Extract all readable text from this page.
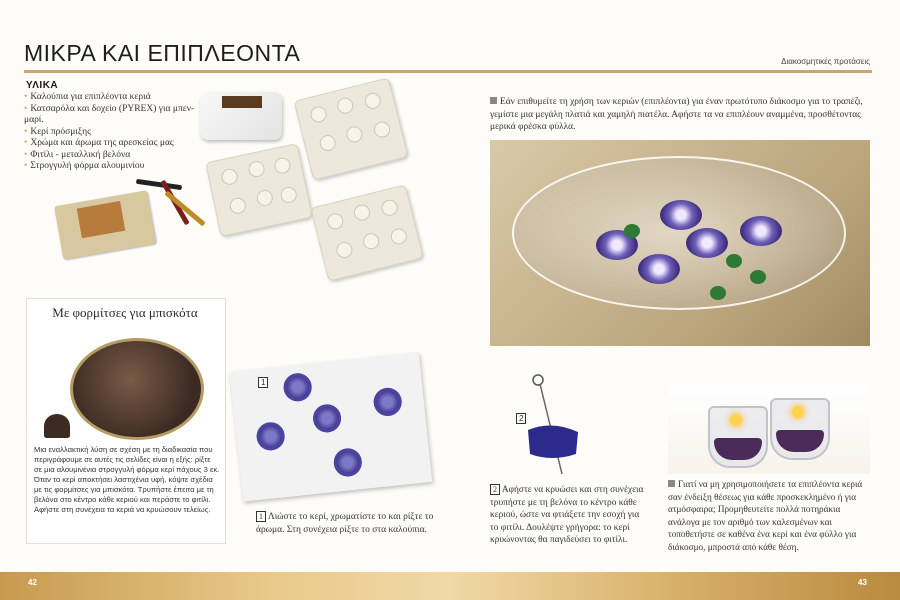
ΜΙΚΡΑ ΚΑΙ ΕΠΙΠΛΕΟΝΤΑ	Διακοσμητικές προτάσεις
ΥΛΙΚΑ
• Καλούπια για επιπλέοντα κεριά
• Κατσαρόλα και δοχείο (PYREX) για μπεν-μαρί.
• Κερί πρόσμιξης
• Χρώμα και άρωμα της αρεσκείας μας
• Φιτίλι - μεταλλική βελόνα
• Στρογγυλή φόρμα αλουμινίου
Με φορμίτσες για μπισκότα
Μια εναλλακτική λύση σε σχέση με τη διαδικασία που περιγράφουμε σε αυτές τις σελίδες είναι η εξής: ρίξτε σε μια αλουμινένια στρογγυλή φόρμα κερί πάχους 3 εκ. Όταν το κερί αποκτήσει λαστιχένια υφή, κόψτε σχέδια με τις φορμίτσες για μπισκότα. Τρυπήστε έπειτα με τη βελόνα στο κέντρο κάθε κεριού και περάστε το φιτίλι. Αφήστε στη συνέχεια τα κεριά να κρυώσουν τελείως.
1
1 Λιώστε το κερί, χρωματίστε το και ρίξτε το άρωμα. Στη συνέχεια ρίξτε το στα καλούπια.
Εάν επιθυμείτε τη χρήση των κεριών (επιπλέοντα) για έναν πρωτότυπο διάκοσμο για το τραπέζι, γεμίστε μια μεγάλη πλατιά και χαμηλή πιατέλα. Αφήστε τα να επιπλέουν αναμμένα, προσθέτοντας μερικά φρέσκα φύλλα.
2
2 Αφήστε να κρυώσει και στη συνέχεια τρυπήστε με τη βελόνα το κέντρο κάθε κεριού, ώστε να φτιάξετε την εσοχή για το φιτίλι. Δουλέψτε γρήγορα: το κερί κρυώνοντας θα παγιδεύσει το φιτίλι.
Γιατί να μη χρησιμοποιήσετε τα επιπλέοντα κεριά σαν ένδειξη θέσεως για κάθε προσκεκλημένο ή για ατμόσφαιρα; Προμηθευτείτε πολλά ποτηράκια ανάλογα με τον αριθμό των καλεσμένων και τοποθετήστε σε καθένα ένα κερί και ένα φύλλο για διάκοσμο, μπροστά από κάθε θέση.
42	43
